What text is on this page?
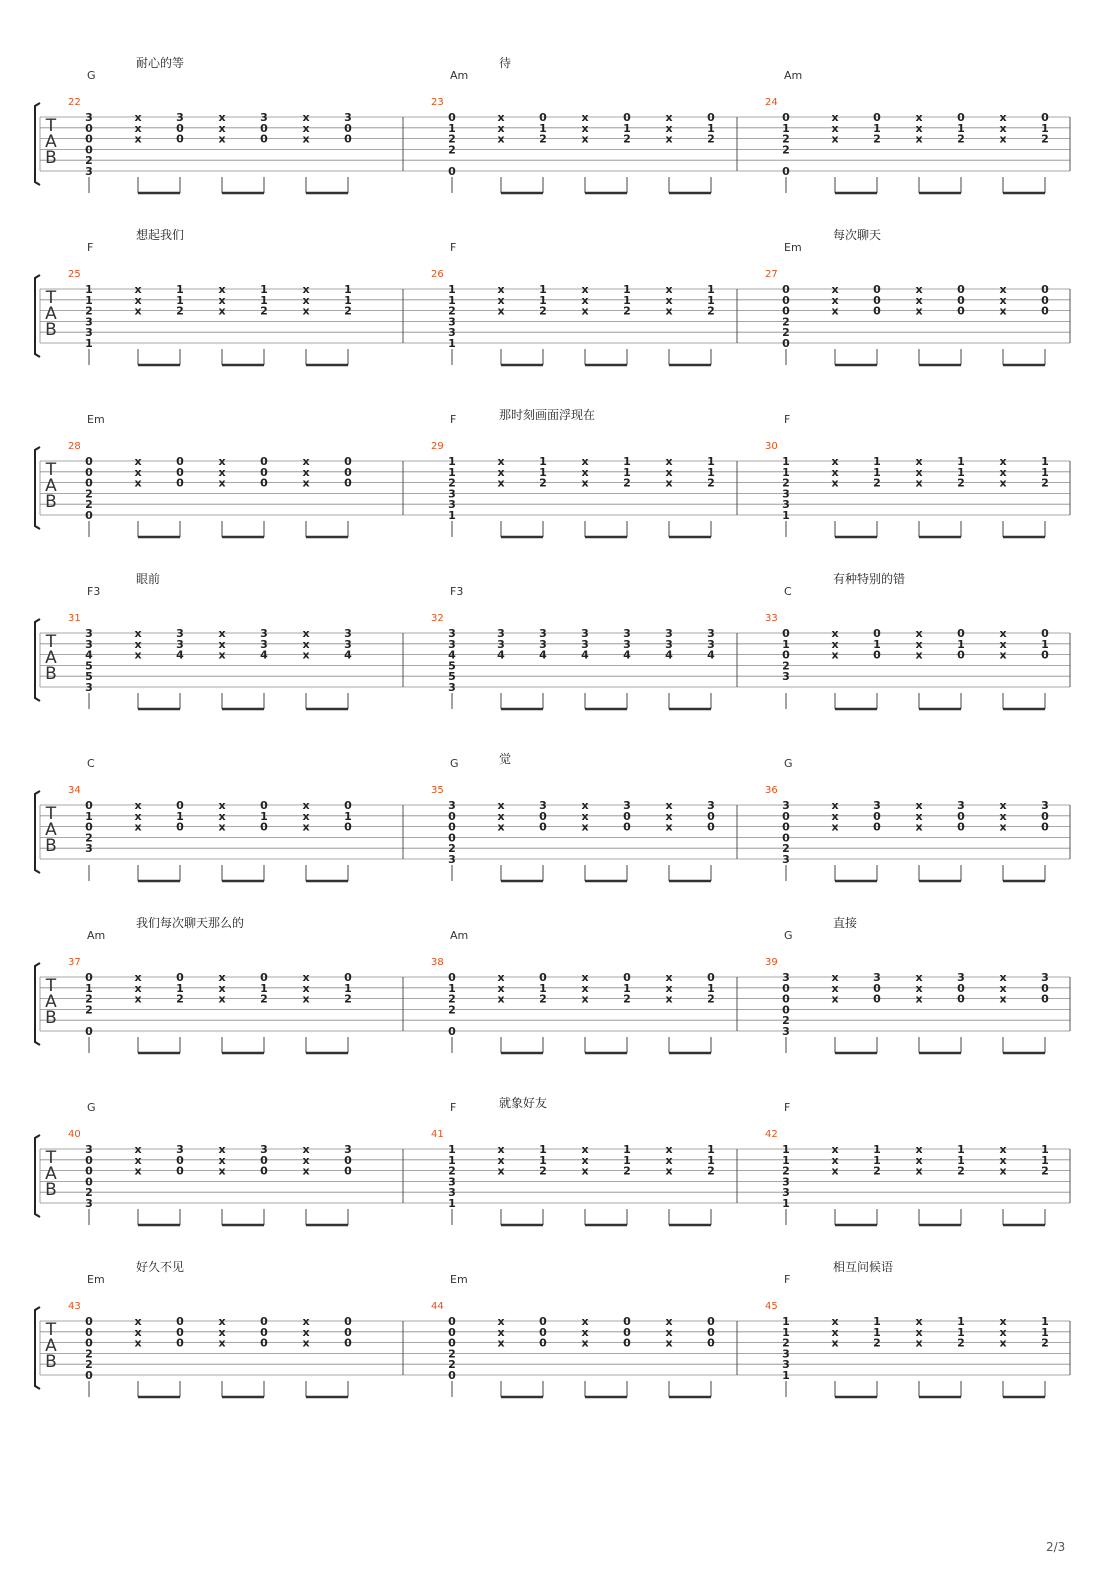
T
A
B
22
G
耐心的等
3
0
0
0
2
3
x
x
x
3
0
0
x
x
x
3
0
0
x
x
x
3
0
0
23
Am
待
0
1
2
2
0
x
x
x
0
1
2
x
x
x
0
1
2
x
x
x
0
1
2
24
Am
0
1
2
2
0
x
x
x
0
1
2
x
x
x
0
1
2
x
x
x
0
1
2
T
A
B
25
F
想起我们
1
1
2
3
3
1
x
x
x
1
1
2
x
x
x
1
1
2
x
x
x
1
1
2
26
F
1
1
2
3
3
1
x
x
x
1
1
2
x
x
x
1
1
2
x
x
x
1
1
2
27
Em
每次聊天
0
0
0
2
2
0
x
x
x
0
0
0
x
x
x
0
0
0
x
x
x
0
0
0
T
A
B
28
Em
0
0
0
2
2
0
x
x
x
0
0
0
x
x
x
0
0
0
x
x
x
0
0
0
29
F	那时刻画面浮现在
1
1
2
3
3
1
x
x
x
1
1
2
x
x
x
1
1
2
x
x
x
1
1
2
30
F
1
1
2
3
3
1
x
x
x
1
1
2
x
x
x
1
1
2
x
x
x
1
1
2
T
A
B
31
F3
眼前
3
3
4
5
5
3
x
x
x
3
3
4
x
x
x
3
3
4
x
x
x
3
3
4
32
F3
3
3
4
5
5
3
3
3
4
3
3
4
3
3
4
3
3
4
3
3
4
3
3
4
33
C
有种特别的错
0
1
0
2
3
x
x
x
0
1
0
x
x
x
0
1
0
x
x
x
0
1
0
T
A
B
34
C
0
1
0
2
3
x
x
x
0
1
0
x
x
x
0
1
0
x
x
x
0
1
0
35
G	觉
3
0
0
0
2
3
x
x
x
3
0
0
x
x
x
3
0
0
x
x
x
3
0
0
36
G
3
0
0
0
2
3
x
x
x
3
0
0
x
x
x
3
0
0
x
x
x
3
0
0
T
A
B
37
Am
我们每次聊天那么的
0
1
2
2
0
x
x
x
0
1
2
x
x
x
0
1
2
x
x
x
0
1
2
38
Am
0
1
2
2
0
x
x
x
0
1
2
x
x
x
0
1
2
x
x
x
0
1
2
39
G
直接
3
0
0
0
2
3
x
x
x
3
0
0
x
x
x
3
0
0
x
x
x
3
0
0
T
A
B
40
G
3
0
0
0
2
3
x
x
x
3
0
0
x
x
x
3
0
0
x
x
x
3
0
0
41
F	就象好友
1
1
2
3
3
1
x
x
x
1
1
2
x
x
x
1
1
2
x
x
x
1
1
2
42
F
1
1
2
3
3
1
x
x
x
1
1
2
x
x
x
1
1
2
x
x
x
1
1
2
T
A
B
43
Em
好久不见
0
0
0
2
2
0
x
x
x
0
0
0
x
x
x
0
0
0
x
x
x
0
0
0
44
Em
0
0
0
2
2
0
x
x
x
0
0
0
x
x
x
0
0
0
x
x
x
0
0
0
45
F
相互问候语
1
1
2
3
3
1
x
x
x
1
1
2
x
x
x
1
1
2
x
x
x
1
1
2
2/3
